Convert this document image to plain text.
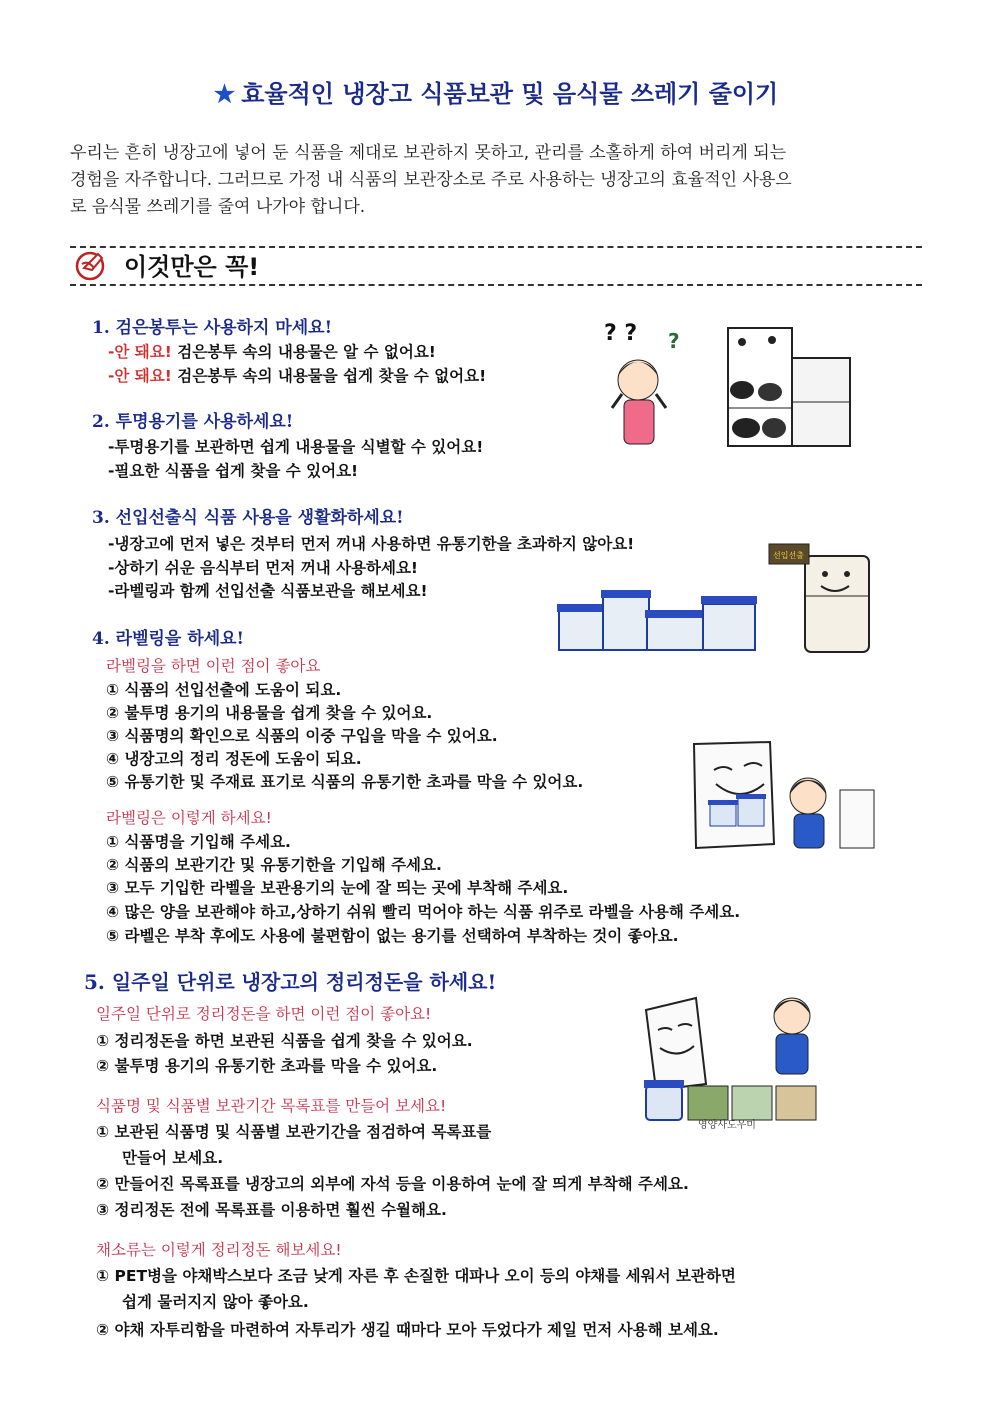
★ 효율적인 냉장고 식품보관 및 음식물 쓰레기 줄이기
우리는 흔히 냉장고에 넣어 둔 식품을 제대로 보관하지 못하고, 관리를 소홀하게 하여 버리게 되는
경험을 자주합니다. 그러므로 가정 내 식품의 보관장소로 주로 사용하는 냉장고의 효율적인 사용으
로 음식물 쓰레기를 줄여 나가야 합니다.
이것만은 꼭!
1. 검은봉투는 사용하지 마세요!
-안 돼요! 검은봉투 속의 내용물은 알 수 없어요!
-안 돼요! 검은봉투 속의 내용물을 쉽게 찾을 수 없어요!
2. 투명용기를 사용하세요!
-투명용기를 보관하면 쉽게 내용물을 식별할 수 있어요!
-필요한 식품을 쉽게 찾을 수 있어요!
? ? ?
3. 선입선출식 식품 사용을 생활화하세요!
-냉장고에 먼저 넣은 것부터 먼저 꺼내 사용하면 유통기한을 초과하지 않아요!
-상하기 쉬운 음식부터 먼저 꺼내 사용하세요!
-라벨링과 함께 선입선출 식품보관을 해보세요!
선입선출
4. 라벨링을 하세요!
라벨링을 하면 이런 점이 좋아요
① 식품의 선입선출에 도움이 되요.
② 불투명 용기의 내용물을 쉽게 찾을 수 있어요.
③ 식품명의 확인으로 식품의 이중 구입을 막을 수 있어요.
④ 냉장고의 정리 정돈에 도움이 되요.
⑤ 유통기한 및 주재료 표기로 식품의 유통기한 초과를 막을 수 있어요.
라벨링은 이렇게 하세요!
① 식품명을 기입해 주세요.
② 식품의 보관기간 및 유통기한을 기입해 주세요.
③ 모두 기입한 라벨을 보관용기의 눈에 잘 띄는 곳에 부착해 주세요.
④ 많은 양을 보관해야 하고,상하기 쉬워 빨리 먹어야 하는 식품 위주로 라벨을 사용해 주세요.
⑤ 라벨은 부착 후에도 사용에 불편함이 없는 용기를 선택하여 부착하는 것이 좋아요.
5. 일주일 단위로 냉장고의 정리정돈을 하세요!
일주일 단위로 정리정돈을 하면 이런 점이 좋아요!
① 정리정돈을 하면 보관된 식품을 쉽게 찾을 수 있어요.
② 불투명 용기의 유통기한 초과를 막을 수 있어요.
영양사도우미
식품명 및 식품별 보관기간 목록표를 만들어 보세요!
① 보관된 식품명 및 식품별 보관기간을 점검하여 목록표를
만들어 보세요.
② 만들어진 목록표를 냉장고의 외부에 자석 등을 이용하여 눈에 잘 띄게 부착해 주세요.
③ 정리정돈 전에 목록표를 이용하면 훨씬 수월해요.
채소류는 이렇게 정리정돈 해보세요!
① PET병을 야채박스보다 조금 낮게 자른 후 손질한 대파나 오이 등의 야채를 세워서 보관하면
쉽게 물러지지 않아 좋아요.
② 야채 자투리함을 마련하여 자투리가 생길 때마다 모아 두었다가 제일 먼저 사용해 보세요.
